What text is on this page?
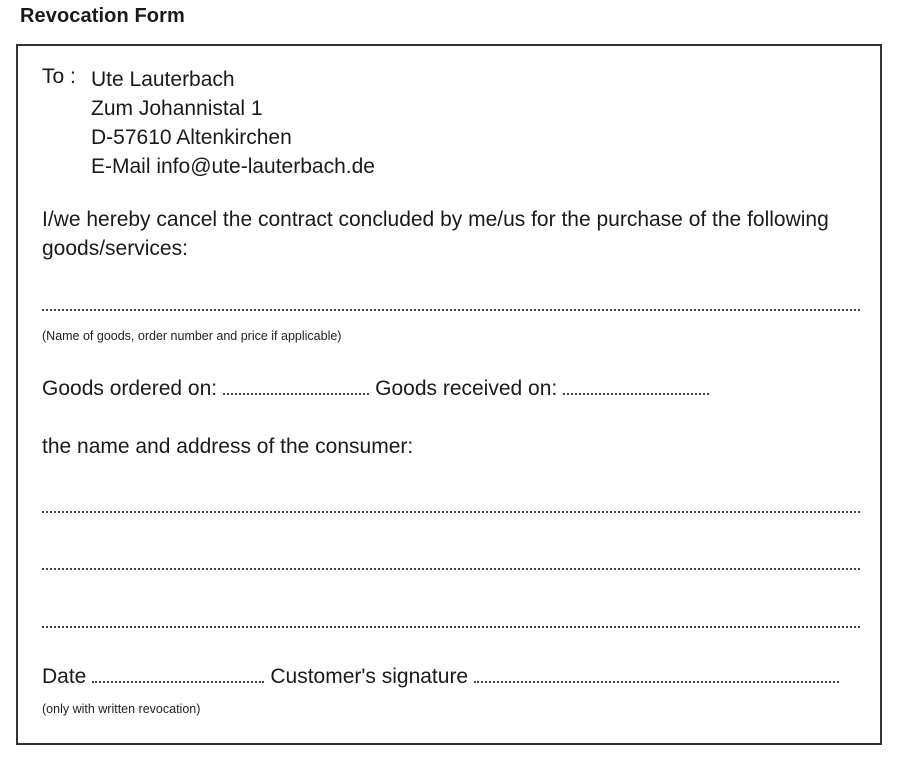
Revocation Form
To : Ute Lauterbach
Zum Johannistal 1
D-57610 Altenkirchen
E-Mail info@ute-lauterbach.de
I/we hereby cancel the contract concluded by me/us for the purchase of the following goods/services:
(Name of goods, order number and price if applicable)
Goods ordered on:	Goods received on:
the name and address of the consumer:
Date	Customer's signature
(only with written revocation)
